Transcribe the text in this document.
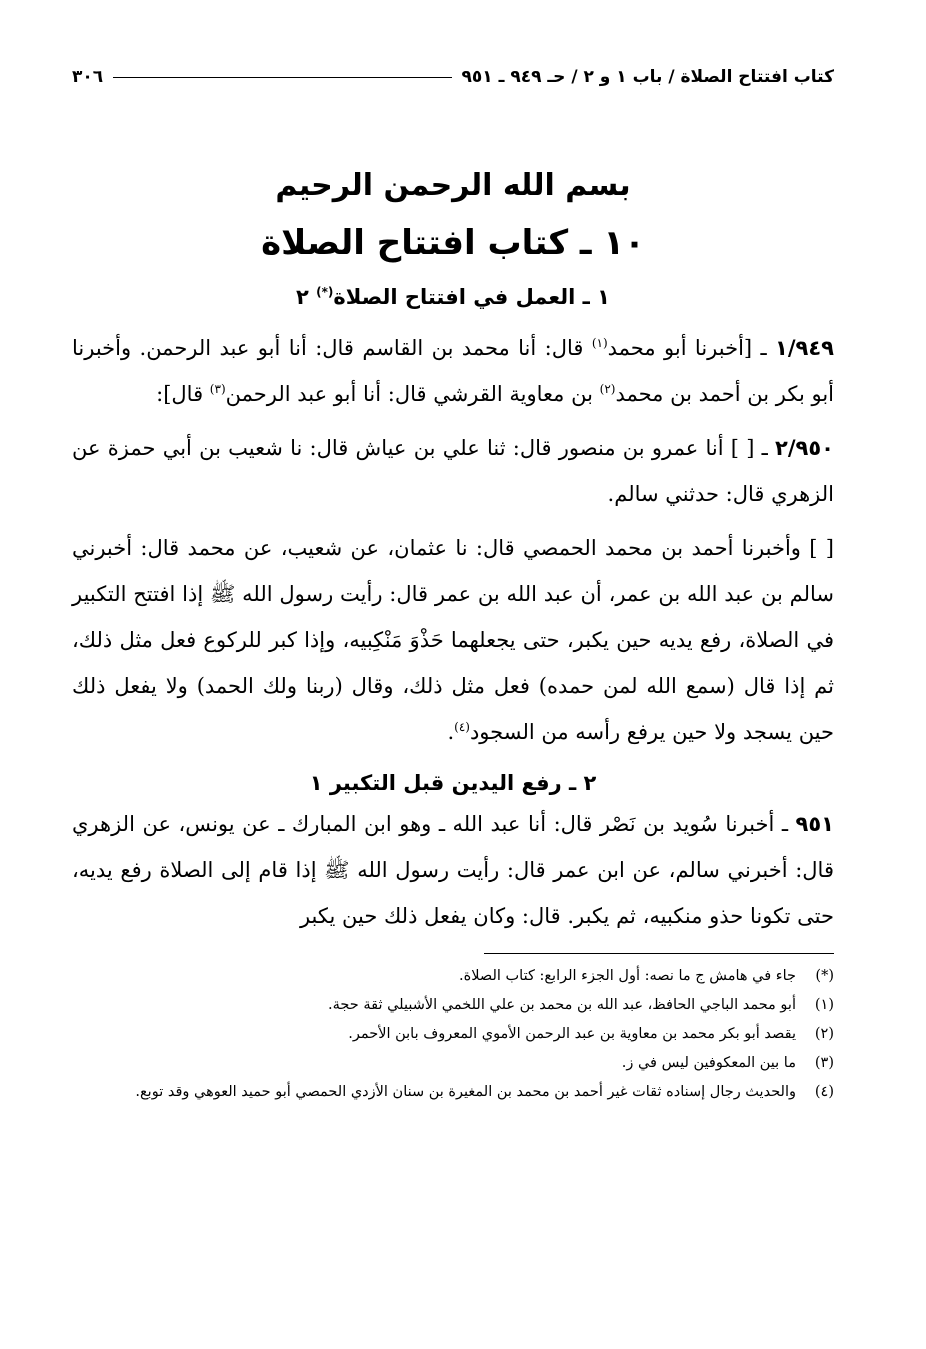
٣٠٦	كتاب افتتاح الصلاة / باب ١ و ٢ / حـ ٩٤٩ ـ ٩٥١
بسم الله الرحمن الرحيم
١٠ ـ كتاب افتتاح الصلاة
١ ـ العمل في افتتاح الصلاة(*) ٢

١/٩٤٩ ـ [أخبرنا أبو محمد$^{(١)}$ قال: أنا محمد بن القاسم قال: أنا أبو عبد الرحمن. وأخبرنا أبو بكر بن أحمد بن محمد$^{(٢)}$ بن معاوية القرشي قال: أنا أبو عبد الرحمن$^{(٣)}$ قال]:

٢/٩٥٠ ـ [ ] أنا عمرو بن منصور قال: ثنا علي بن عياش قال: نا شعيب بن أبي حمزة عن الزهري قال: حدثني سالم.

[ ] وأخبرنا أحمد بن محمد الحمصي قال: نا عثمان، عن شعيب، عن محمد قال: أخبرني سالم بن عبد الله بن عمر، أن عبد الله بن عمر قال: رأيت رسول الله ﷺ إذا افتتح التكبير في الصلاة، رفع يديه حين يكبر، حتى يجعلهما حَذْوَ مَنْكِبيه، وإذا كبر للركوع فعل مثل ذلك، ثم إذا قال (سمع الله لمن حمده) فعل مثل ذلك، وقال (ربنا ولك الحمد) ولا يفعل ذلك حين يسجد ولا حين يرفع رأسه من السجود$^{(٤)}$.

٢ ـ رفع اليدين قبل التكبير ١

٩٥١ ـ أخبرنا سُويد بن نَصْر قال: أنا عبد الله ـ وهو ابن المبارك ـ عن يونس، عن الزهري قال: أخبرني سالم، عن ابن عمر قال: رأيت رسول الله ﷺ إذا قام إلى الصلاة رفع يديه، حتى تكونا حذو منكبيه، ثم يكبر. قال: وكان يفعل ذلك حين يكبر

(*)
جاء في هامش ج ما نصه: أول الجزء الرابع: كتاب الصلاة.
(١)
أبو محمد الباجي الحافظ، عبد الله بن محمد بن علي اللخمي الأشبيلي ثقة حجة.
(٢)
يقصد أبو بكر محمد بن معاوية بن عبد الرحمن الأموي المعروف بابن الأحمر.
(٣)
ما بين المعكوفين ليس في ز.
(٤)
والحديث رجال إسناده ثقات غير أحمد بن محمد بن المغيرة بن سنان الأزدي الحمصي أبو حميد العوهي وقد توبع.
